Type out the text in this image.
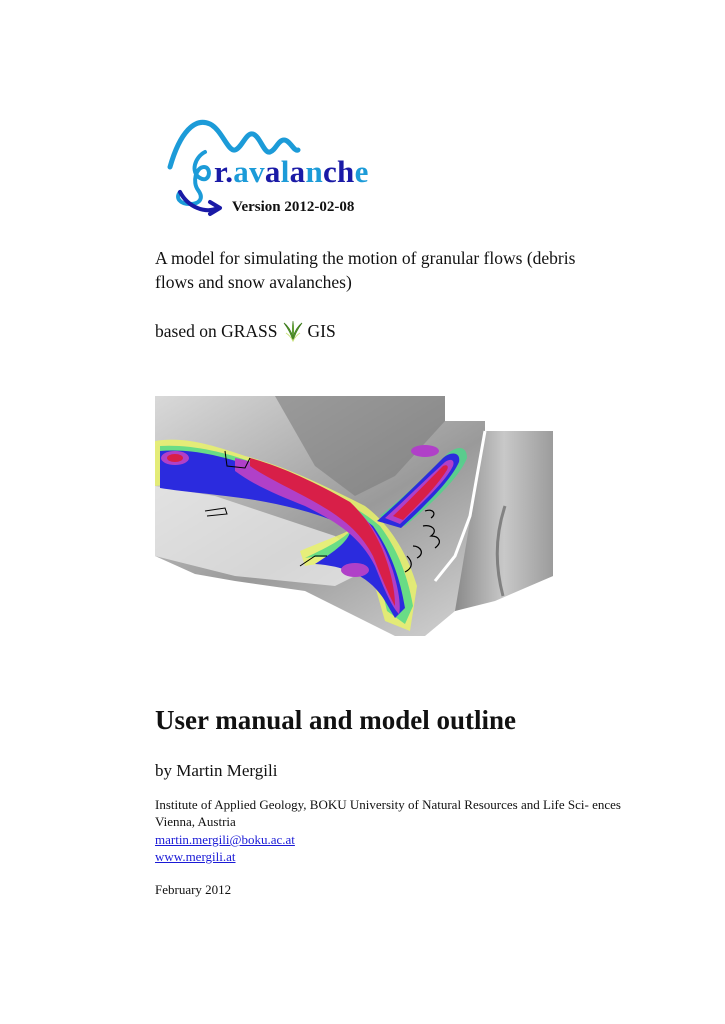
r.avalanche
Version 2012-02-08
A model for simulating the motion of granular flows (debris flows and snow avalanches)
based on GRASS GIS
User manual and model outline
by Martin Mergili
Institute of Applied Geology, BOKU University of Natural Resources and Life Sci- ences Vienna, Austria
martin.mergili@boku.ac.at
www.mergili.at
February 2012
